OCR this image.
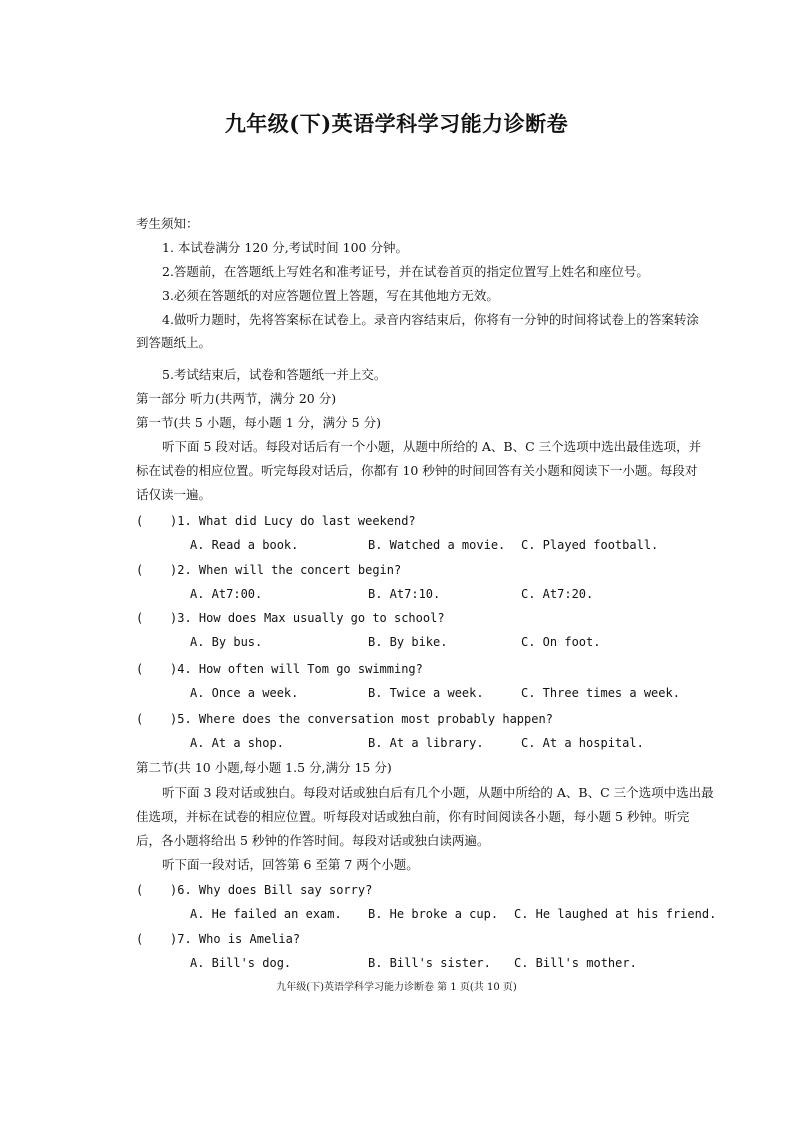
九年级(下)英语学科学习能力诊断卷
考生须知：
1. 本试卷满分 120 分,考试时间 100 分钟。
2.答题前，在答题纸上写姓名和准考证号，并在试卷首页的指定位置写上姓名和座位号。
3.必须在答题纸的对应答题位置上答题，写在其他地方无效。
4.做听力题时，先将答案标在试卷上。录音内容结束后，你将有一分钟的时间将试卷上的答案转涂
到答题纸上。
5.考试结束后，试卷和答题纸一并上交。
第一部分 听力(共两节，满分 20 分)
第一节(共 5 小题，每小题 1 分，满分 5 分)
听下面 5 段对话。每段对话后有一个小题，从题中所给的 A、B、C 三个选项中选出最佳选项，并
标在试卷的相应位置。听完每段对话后，你都有 10 秒钟的时间回答有关小题和阅读下一小题。每段对
话仅读一遍。
( )1. What did Lucy do last weekend?
A. Read a book.	B. Watched a movie. C. Played football.
( )2. When will the concert begin?
A. At7:00.	B. At7:10.	C. At7:20.
( )3. How does Max usually go to school?
A. By bus.	B. By bike.	C. On foot.
( )4. How often will Tom go swimming?
A. Once a week.	B. Twice a week.	C. Three times a week.
( )5. Where does the conversation most probably happen?
A. At a shop.	B. At a library.	C. At a hospital.
第二节(共 10 小题,每小题 1.5 分,满分 15 分)
听下面 3 段对话或独白。每段对话或独白后有几个小题，从题中所给的 A、B、C 三个选项中选出最
佳选项，并标在试卷的相应位置。听每段对话或独白前，你有时间阅读各小题，每小题 5 秒钟。听完
后，各小题将给出 5 秒钟的作答时间。每段对话或独白读两遍。
听下面一段对话，回答第 6 至第 7 两个小题。
( )6. Why does Bill say sorry?
A. He failed an exam. B. He broke a cup. C. He laughed at his friend.
( )7. Who is Amelia?
A. Bill's dog.	B. Bill's sister. C. Bill's mother.
九年级(下)英语学科学习能力诊断卷 第 1 页(共 10 页)
